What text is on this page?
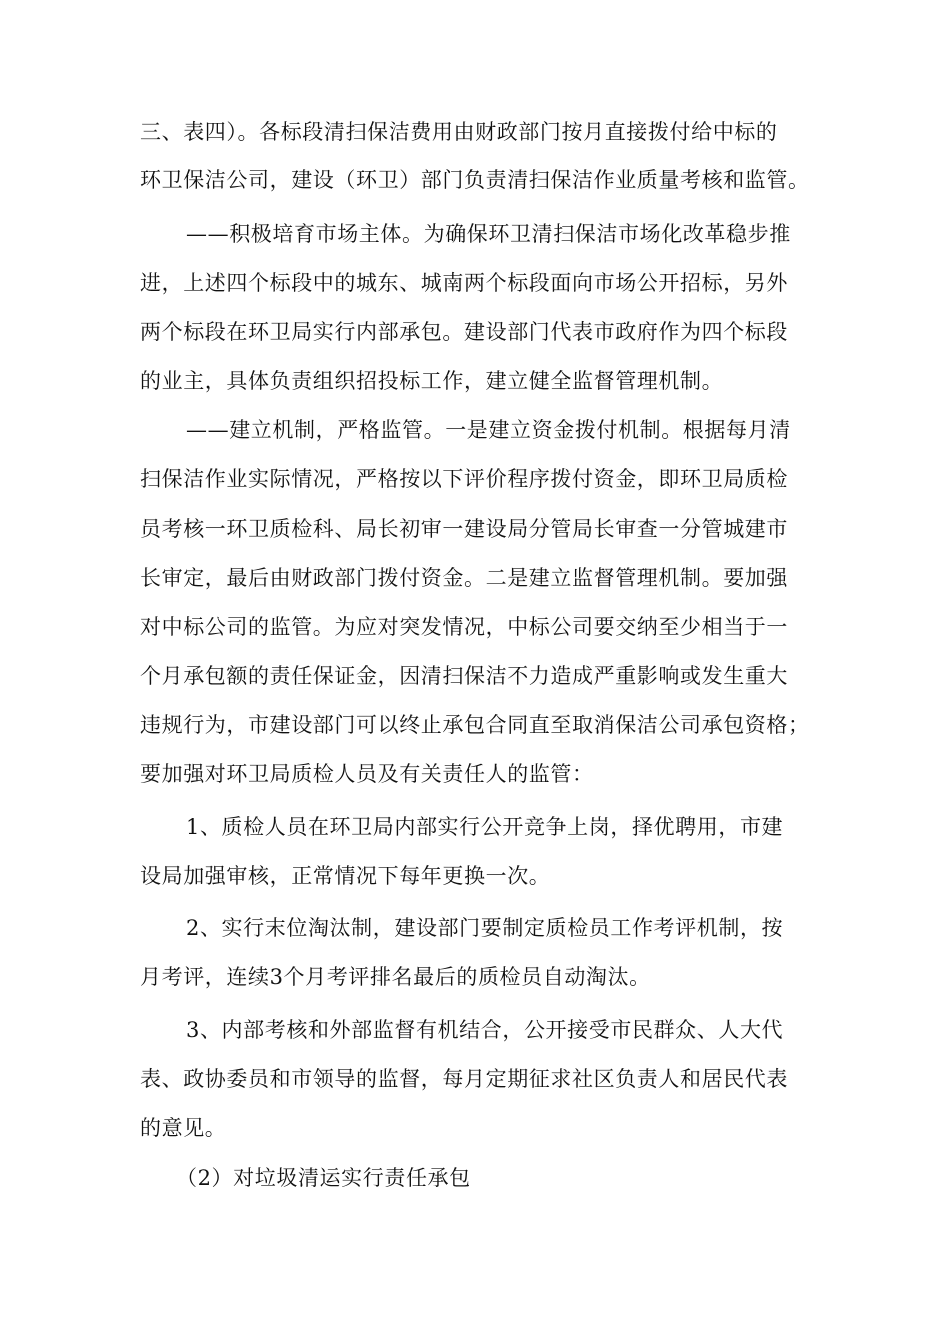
三、表四）。各标段清扫保洁费用由财政部门按月直接拨付给中标的
环卫保洁公司，建设（环卫）部门负责清扫保洁作业质量考核和监管。
——积极培育市场主体。为确保环卫清扫保洁市场化改革稳步推
进，上述四个标段中的城东、城南两个标段面向市场公开招标，另外
两个标段在环卫局实行内部承包。建设部门代表市政府作为四个标段
的业主，具体负责组织招投标工作，建立健全监督管理机制。
——建立机制，严格监管。一是建立资金拨付机制。根据每月清
扫保洁作业实际情况，严格按以下评价程序拨付资金，即环卫局质检
员考核一环卫质检科、局长初审一建设局分管局长审查一分管城建市
长审定，最后由财政部门拨付资金。二是建立监督管理机制。要加强
对中标公司的监管。为应对突发情况，中标公司要交纳至少相当于一
个月承包额的责任保证金，因清扫保洁不力造成严重影响或发生重大
违规行为，市建设部门可以终止承包合同直至取消保洁公司承包资格；
要加强对环卫局质检人员及有关责任人的监管：
1、质检人员在环卫局内部实行公开竞争上岗，择优聘用，市建
设局加强审核，正常情况下每年更换一次。
2、实行末位淘汰制，建设部门要制定质检员工作考评机制，按
月考评，连续3个月考评排名最后的质检员自动淘汰。
3、内部考核和外部监督有机结合，公开接受市民群众、人大代
表、政协委员和市领导的监督，每月定期征求社区负责人和居民代表
的意见。
（2）对垃圾清运实行责任承包
